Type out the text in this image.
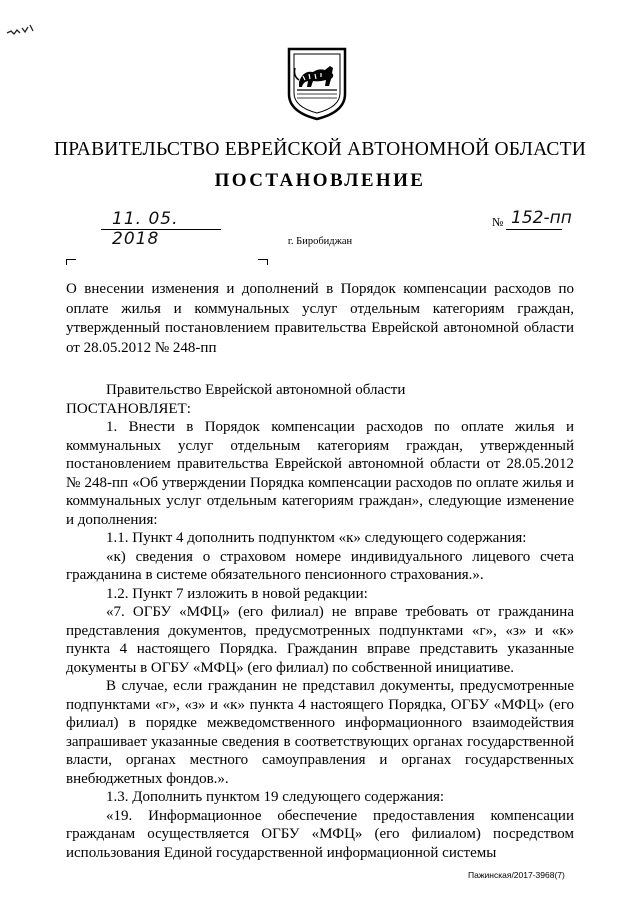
ПРАВИТЕЛЬСТВО ЕВРЕЙСКОЙ АВТОНОМНОЙ ОБЛАСТИ
ПОСТАНОВЛЕНИЕ
11. 05. 2018
№ 152-пп
г. Биробиджан
О внесении изменения и дополнений в Порядок компенсации расходов по оплате жилья и коммунальных услуг отдельным категориям граждан, утвержденный постановлением правительства Еврейской автономной области от 28.05.2012 № 248-пп

Правительство Еврейской автономной области

ПОСТАНОВЛЯЕТ:

1. Внести в Порядок компенсации расходов по оплате жилья и коммунальных услуг отдельным категориям граждан, утвержденный постановлением правительства Еврейской автономной области от 28.05.2012 № 248-пп «Об утверждении Порядка компенсации расходов по оплате жилья и коммунальных услуг отдельным категориям граждан», следующие изменение и дополнения:

1.1. Пункт 4 дополнить подпунктом «к» следующего содержания:

«к) сведения о страховом номере индивидуального лицевого счета гражданина в системе обязательного пенсионного страхования.».

1.2. Пункт 7 изложить в новой редакции:

«7. ОГБУ «МФЦ» (его филиал) не вправе требовать от гражданина представления документов, предусмотренных подпунктами «г», «з» и «к» пункта 4 настоящего Порядка. Гражданин вправе представить указанные документы в ОГБУ «МФЦ» (его филиал) по собственной инициативе.

В случае, если гражданин не представил документы, предусмотренные подпунктами «г», «з» и «к» пункта 4 настоящего Порядка, ОГБУ «МФЦ» (его филиал) в порядке межведомственного информационного взаимодействия запрашивает указанные сведения в соответствующих органах государственной власти, органах местного самоуправления и органах государственных внебюджетных фондов.».

1.3. Дополнить пунктом 19 следующего содержания:

«19. Информационное обеспечение предоставления компенсации гражданам осуществляется ОГБУ «МФЦ» (его филиалом) посредством использования Единой государственной информационной системы

Пажинская/2017-3968(7)
